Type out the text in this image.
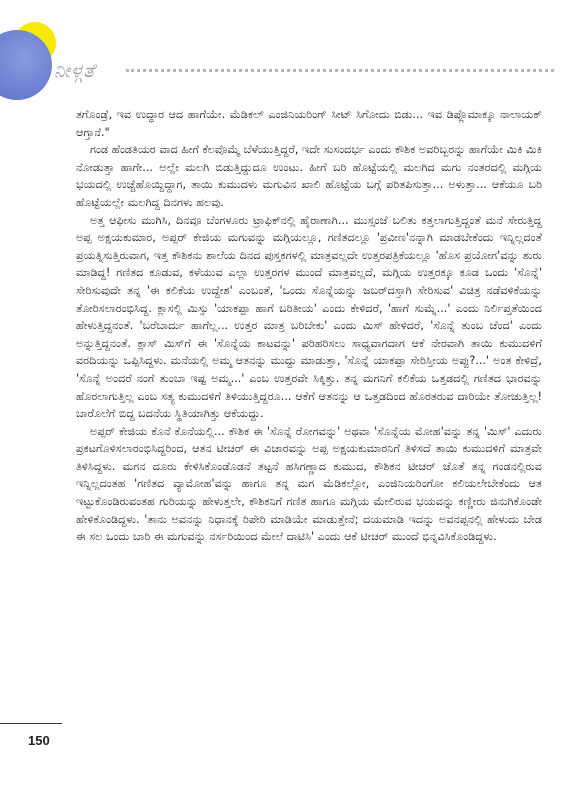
ನೀಳ್ಗತೆ

ತಗೊಂಡ್ರೆ, ಇವ ಉದ್ಧಾರ ಆದ ಹಾಗೆಯೇ. ಮೆಡಿಕಲ್ ಎಂಜಿನಿಯರಿಂಗ್ ಸೀಟ್ ಸಿಗೋದು ಬಿಡು... ಇವ ಡಿಪ್ಲೊಮಾಕ್ಕೂ ನಾಲಾಯಕ್ ಆಗ್ತಾನೆ."

ಗಂಡ ಹೆಂಡತಿಯರ ವಾದ ಹೀಗೆ ಕೆಲವೊಮ್ಮೆ ಬೆಳೆಯುತ್ತಿದ್ದರೆ, ಇದೇ ಸುಸಂದರ್ಭ ಎಂದು ಕೌಶಿಕ ಅವರಿಬ್ಬರನ್ನು ಹಾಗೆಯೇ ಮಿಕಿ ಮಿಕಿ ನೋಡುತ್ತಾ ಹಾಗೇ... ಅಲ್ಲೇ ಮಲಗಿ ಬಿಡುತ್ತಿದ್ದುದೂ ಉಂಟು. ಹೀಗೆ ಬರಿ ಹೊಟ್ಟೆಯಲ್ಲಿ ಮಲಗಿದ ಮಗು ನಂತರದಲ್ಲಿ ಮಗ್ಗಿಯ ಭಯದಲ್ಲಿ ಉಚ್ಚೆಹೊಯ್ದಿದ್ದಾಗ, ತಾಯಿ ಕುಮುದಳು ಮಗುವಿನ ಖಾಲಿ ಹೊಟ್ಟೆಯ ಬಗ್ಗೆ ಪರಿತಪಿಸುತ್ತಾ... ಅಳುತ್ತಾ... ಆಕೆಯೂ ಬರಿ ಹೊಟ್ಟೆಯಲ್ಲೇ ಮಲಗಿದ್ದ ದಿನಗಳು ಹಲವು.

ಅತ್ತ ಆಫೀಸು ಮುಗಿಸಿ, ದಿನವೂ ಬೆಂಗಳೂರು ಟ್ರಾಫಿಕ್‌ನಲ್ಲಿ ಹೈರಾಣಾಗಿ... ಮುಸ್ಸಂಜೆ ಬಲಿತು ಕತ್ತಲಾಗುತ್ತಿದ್ದಂತೆ ಮನೆ ಸೇರುತ್ತಿದ್ದ ಅಪ್ಪ ಅಕ್ಷಯಕುಮಾರ, ಅಪ್ಪರ್ ಕೇಜಿಯ ಮಗುವನ್ನು ಮಗ್ಗಿಯಲ್ಲೂ, ಗಣಿತದಲ್ಲೂ 'ಪ್ರವೀಣ'ನನ್ನಾಗಿ ಮಾಡಬೇಕೆಂದು ಇನ್ನಿಲ್ಲದಂತೆ ಪ್ರಯತ್ನಿಸುತ್ತಿರುವಾಗ, ಇತ್ತ ಕೌಶಿಕನು ಶಾಲೆಯ ದಿನದ ಪುಸ್ತಕಗಳಲ್ಲಿ ಮಾತ್ರವಲ್ಲದೇ ಉತ್ತರಪತ್ರಿಕೆಯಲ್ಲೂ 'ಹೊಸ ಪ್ರಯೋಗ'ವನ್ನು ಶುರು ಮಾಡಿದ್ದ! ಗಣಿತದ ಕೂಡುವ, ಕಳೆಯುವ ಎಲ್ಲಾ ಉತ್ತರಗಳ ಮುಂದೆ ಮಾತ್ರವಲ್ಲದೆ, ಮಗ್ಗಿಯ ಉತ್ತರಕ್ಕೂ ಕೂಡ ಒಂದು 'ಸೊನ್ನೆ' ಸೇರಿಸುವುದೇ ತನ್ನ 'ಈ ಕಲಿಕೆಯ ಉದ್ದೇಶ' ಎಂಬಂತೆ, 'ಒಂದು ಸೊನ್ನೆಯನ್ನು ಜಬರ್‌ದಸ್ತಾಗಿ ಸೇರಿಸುವ' ವಿಚಿತ್ರ ನಡೆವಳಿಕೆಯನ್ನು ತೋರಿಸಲಾರಂಭಿಸಿದ್ದ. ಕ್ಲಾಸಲ್ಲಿ ಮಿಸ್ಸು 'ಯಾಕಪ್ಪಾ ಹಾಗೆ ಬರಿತೀಯ' ಎಂದು ಕೇಳಿದರೆ, 'ಹಾಗೆ ಸುಮ್ನೆ...' ಎಂದು ನಿರ್ಲಿಪ್ತತೆಯಿಂದ ಹೇಳುತ್ತಿದ್ದನಂತೆ. 'ಬರೆಬಾರ್ದು ಹಾಗೆಲ್ಲ... ಉತ್ತರ ಮಾತ್ರ ಬರಿಬೇಕು' ಎಂದು ಮಿಸ್ ಹೇಳಿದರೆ, 'ಸೊನ್ನೆ ತುಂಬ ಚೆಂದ' ಎಂದು ಅನ್ನುತ್ತಿದ್ದನಂತೆ. ಕ್ಲಾಸ್ ಮಿಸ್‌ಗೆ ಈ 'ಸೊನ್ನೆಯ ಕಾಟವನ್ನು' ಪರಿಹರಿಸಲು ಸಾಧ್ಯವಾಗದಾಗ ಆಕೆ ನೇರವಾಗಿ ತಾಯಿ ಕುಮುದಳಿಗೆ ವರದಿಯನ್ನು ಒಪ್ಪಿಸಿದ್ದಳು. ಮನೆಯಲ್ಲಿ ಅಮ್ಮ ಆತನನ್ನು ಮುದ್ದು ಮಾಡುತ್ತಾ, 'ಸೊನ್ನೆ ಯಾಕಪ್ಪಾ ಸೇರಿಸ್ತೀಯ ಅಪ್ಪು?...' ಅಂತ ಕೇಳಿದ್ರೆ, 'ಸೊನ್ನೆ ಅಂದರೆ ನಂಗೆ ತುಂಬಾ ಇಷ್ಟ ಅಮ್ಮ...' ಎಂಬ ಉತ್ತರವೇ ಸಿಕ್ಕಿತ್ತು. ತನ್ನ ಮಗನಿಗೆ ಕಲಿಕೆಯ ಒತ್ತಡದಲ್ಲಿ ಗಣಿತದ ಭಾರವನ್ನು ಹೊರಲಾಗುತ್ತಿಲ್ಲ ಎಂಬ ಸತ್ಯ ಕುಮುದಳಿಗೆ ತಿಳಿಯುತ್ತಿದ್ದರೂ... ಆಕೆಗೆ ಆತನನ್ನು ಆ ಒತ್ತಡದಿಂದ ಹೊರತರುವ ದಾರಿಯೇ ತೋಚುತ್ತಿಲ್ಲ! ಬಾರೊಲೆಗೆ ಬಿದ್ದ ಬದನೆಯ ಸ್ಥಿತಿಯಾಗಿತ್ತು ಆಕೆಯದ್ದು.

ಅಪ್ಪರ್ ಕೇಜಿಯ ಕೊನೆ ಕೊನೆಯಲ್ಲಿ... ಕೌಶಿಕ ಈ 'ಸೊನ್ನೆ ರೋಗವನ್ನು' ಅಥವಾ 'ಸೊನ್ನೆಯ ಮೋಹ'ವನ್ನು ತನ್ನ 'ಮಿಸ್' ಎದುರು ಪ್ರಕಟಗೊಳಿಸಲಾರಂಭಿಸಿದ್ದರಿಂದ, ಆತನ ಟೀಚರ್ ಈ ವಿಚಾರವನ್ನು ಅಪ್ಪ ಅಕ್ಷಯಕುಮಾರನಿಗೆ ತಿಳಿಸದೆ ತಾಯಿ ಕುಮುದಳಿಗೆ ಮಾತ್ರವೇ ತಿಳಿಸಿದ್ದಳು. ಮಗನ ದೂರು ಕೇಳಿಸಿಕೊಂಡೊಡನೆ ತಟ್ಟನೆ ಹಸಿಗಣ್ಣಾದ ಕುಮುದ, ಕೌಶಿಕನ ಟೀಚರ್ ಜೊತೆ ತನ್ನ ಗಂಡನಲ್ಲಿರುವ ಇನ್ನಿಲ್ಲದಂತಹ 'ಗಣಿತದ ವ್ಯಾಮೋಹ'ವನ್ನು ಹಾಗೂ ತನ್ನ ಮಗ ಮೆಡಿಕಲ್ಲೋ, ಎಂಜಿನಿಯರಿಂಗೋ ಕಲಿಯಲೇಬೇಕೆಂದು ಆತ ಇಟ್ಟುಕೊಂಡಿರುವಂತಹ ಗುರಿಯನ್ನು ಹೇಳುತ್ತಲೇ, ಕೌಶಿಕನಿಗೆ ಗಣಿತ ಹಾಗೂ ಮಗ್ಗಿಯ ಮೇಲಿರುವ ಭಯವನ್ನು ಕಣ್ಣೀರು ಜಿನುಗಿಕೊಂಡೇ ಹೇಳಿಕೊಂಡಿದ್ದಳು. 'ತಾನು ಅವನನ್ನು ನಿಧಾನಕ್ಕೆ ರಿಪೇರಿ ಮಾಡಿಯೇ ಮಾಡುತ್ತೇನೆ; ದಯಮಾಡಿ ಇದನ್ನು ಅವನಪ್ಪನಲ್ಲಿ ಹೇಳುದು ಬೇಡ ಈ ಸಲ ಒಂದು ಬಾರಿ ಈ ಮಗುವನ್ನು ನರ್ಸರಿಯಿಂದ ಮೇಲೆ ದಾಟಿಸಿ' ಎಂದು ಆಕೆ ಟೀಚರ್ ಮುಂದೆ ಭಿನ್ನವಿಸಿಕೊಂಡಿದ್ದಳು.

150
